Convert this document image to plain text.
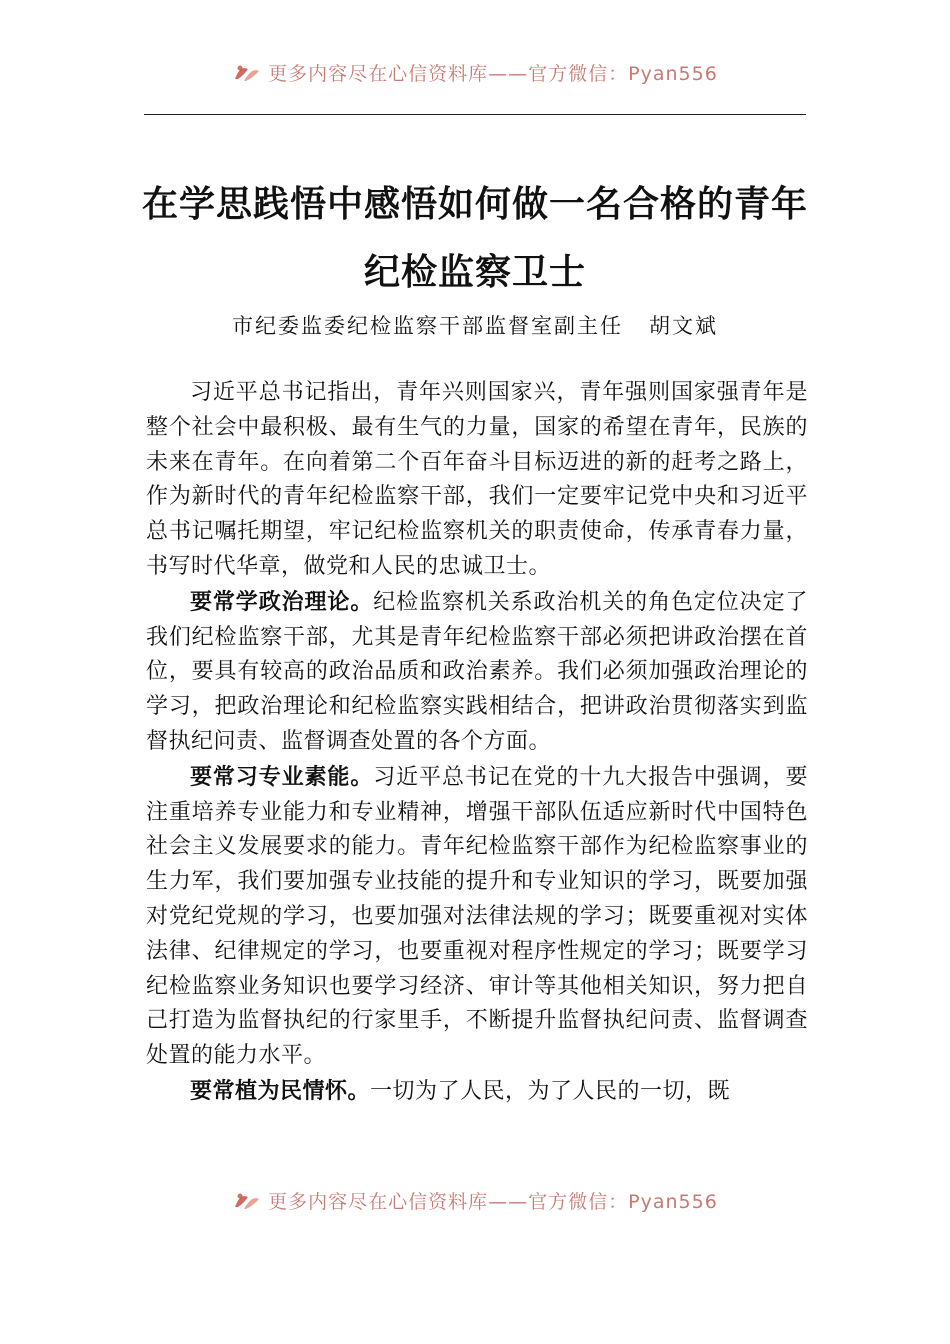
更多内容尽在心信资料库——官方微信：Pyan556
在学思践悟中感悟如何做一名合格的青年
纪检监察卫士
市纪委监委纪检监察干部监督室副主任 胡文斌

习近平总书记指出，青年兴则国家兴，青年强则国家强青年是整个社会中最积极、最有生气的力量，国家的希望在青年，民族的未来在青年。在向着第二个百年奋斗目标迈进的新的赶考之路上，作为新时代的青年纪检监察干部，我们一定要牢记党中央和习近平总书记嘱托期望，牢记纪检监察机关的职责使命，传承青春力量，书写时代华章，做党和人民的忠诚卫士。

要常学政治理论。纪检监察机关系政治机关的角色定位决定了我们纪检监察干部，尤其是青年纪检监察干部必须把讲政治摆在首位，要具有较高的政治品质和政治素养。我们必须加强政治理论的学习，把政治理论和纪检监察实践相结合，把讲政治贯彻落实到监督执纪问责、监督调查处置的各个方面。

要常习专业素能。习近平总书记在党的十九大报告中强调，要注重培养专业能力和专业精神，增强干部队伍适应新时代中国特色社会主义发展要求的能力。青年纪检监察干部作为纪检监察事业的生力军，我们要加强专业技能的提升和专业知识的学习，既要加强对党纪党规的学习，也要加强对法律法规的学习；既要重视对实体法律、纪律规定的学习，也要重视对程序性规定的学习；既要学习纪检监察业务知识也要学习经济、审计等其他相关知识，努力把自己打造为监督执纪的行家里手，不断提升监督执纪问责、监督调查处置的能力水平。

要常植为民情怀。一切为了人民，为了人民的一切，既

更多内容尽在心信资料库——官方微信：Pyan556
